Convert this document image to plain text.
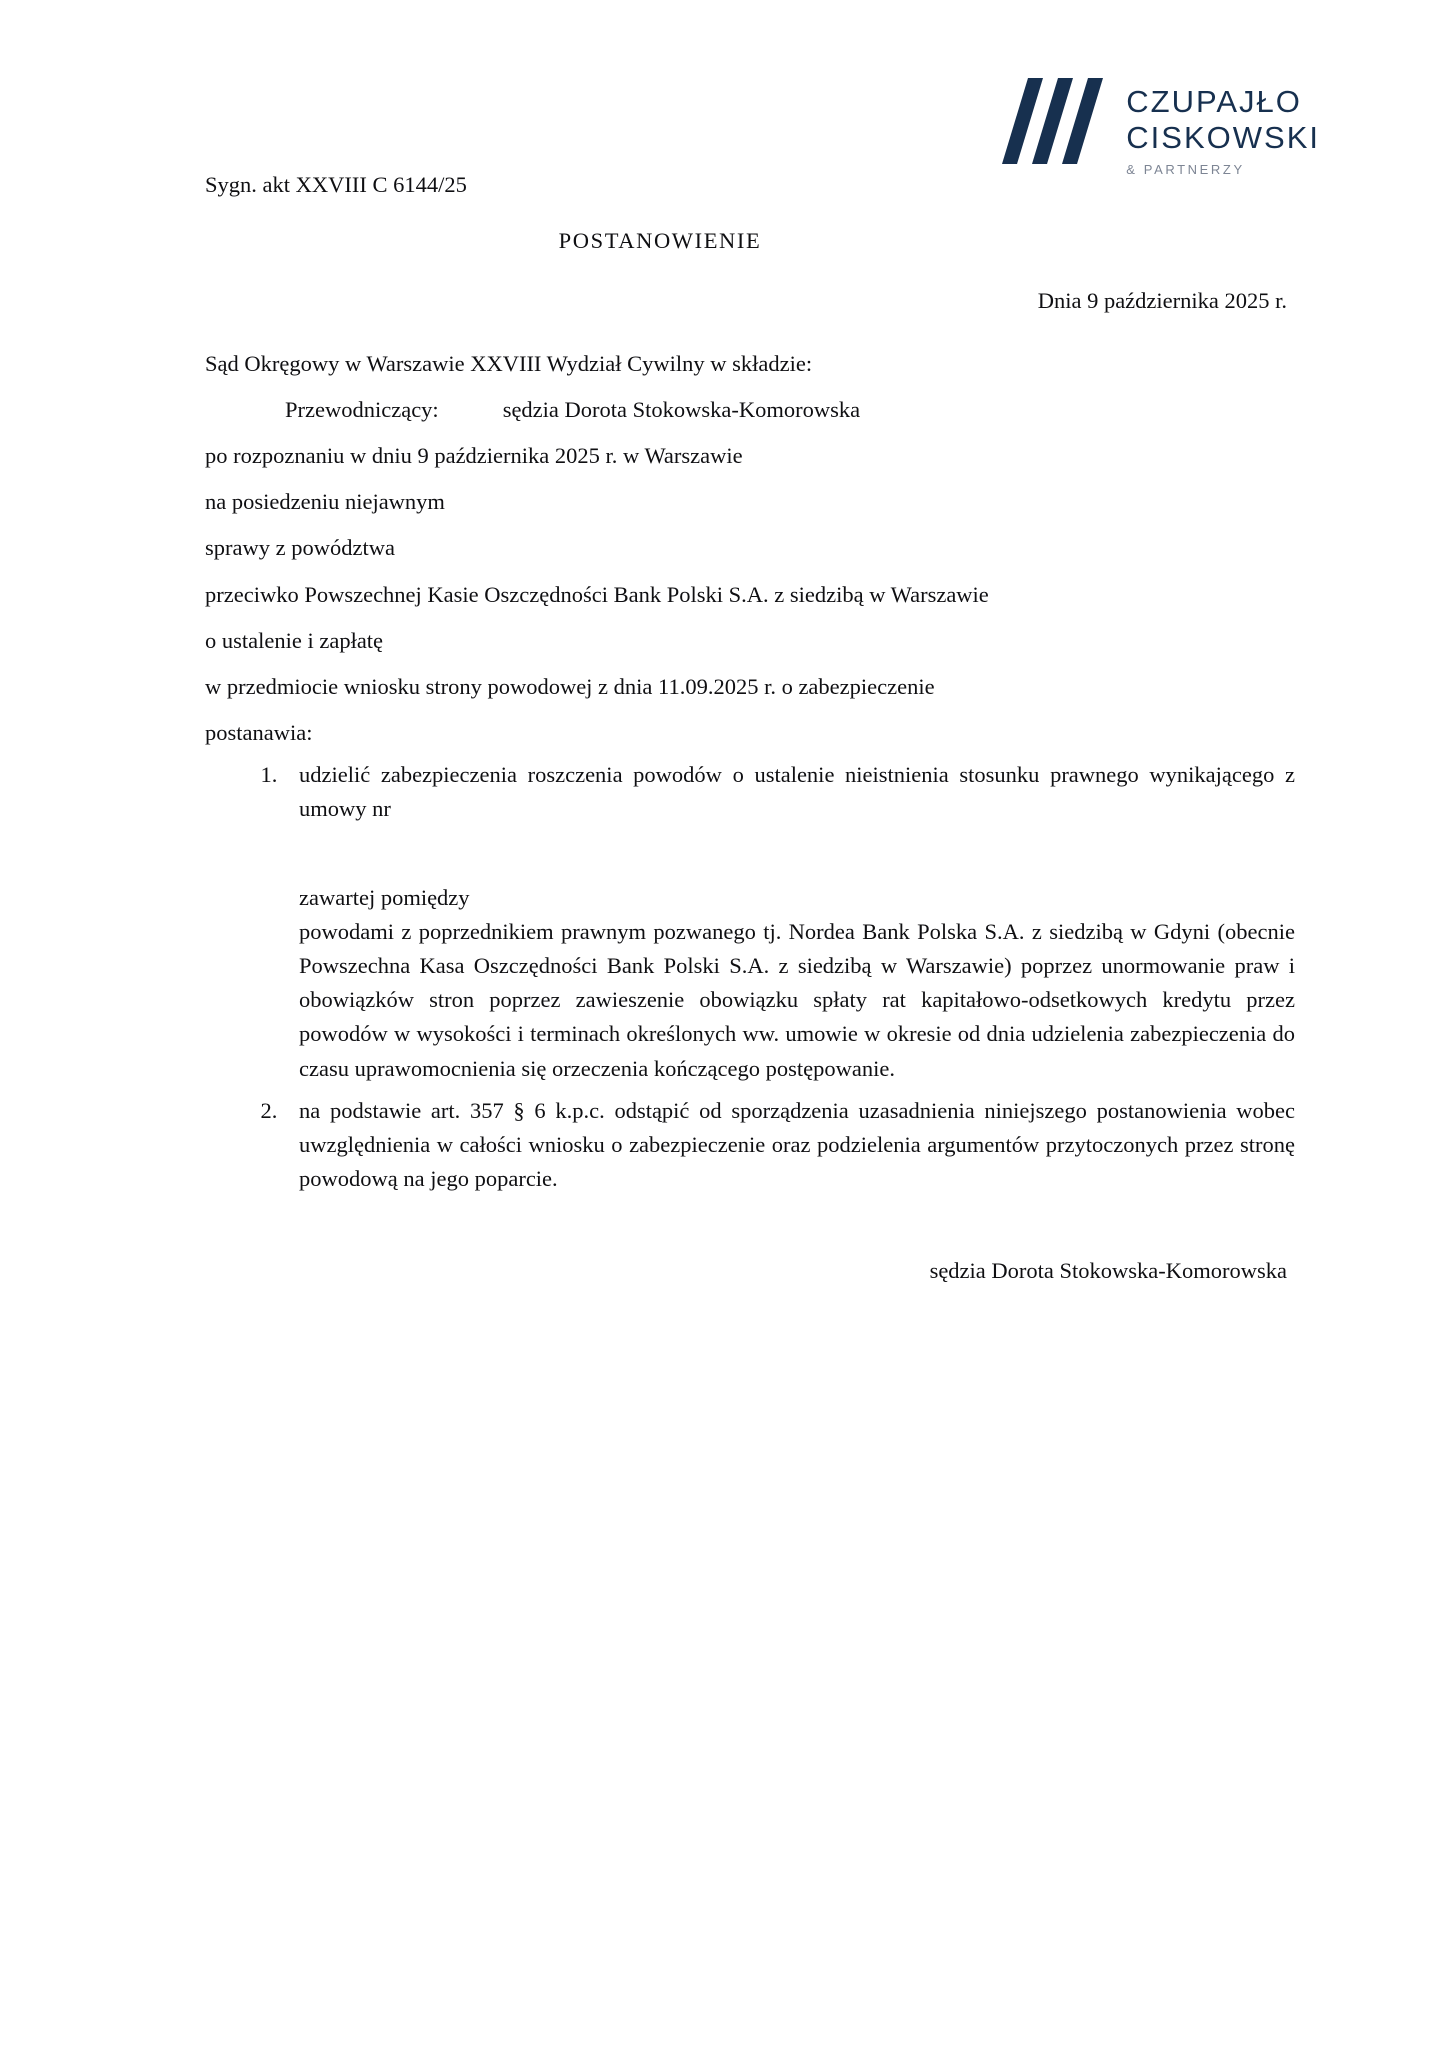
CZUPAJŁO
CISKOWSKI
& PARTNERZY

Sygn. akt XXVIII C 6144/25

POSTANOWIENIE

Dnia 9 października 2025 r.

Sąd Okręgowy w Warszawie XXVIII Wydział Cywilny w składzie:

Przewodniczący:	sędzia Dorota Stokowska-Komorowska

po rozpoznaniu w dniu 9 października 2025 r. w Warszawie

na posiedzeniu niejawnym

sprawy z powództwa

przeciwko Powszechnej Kasie Oszczędności Bank Polski S.A. z siedzibą w Warszawie

o ustalenie i zapłatę

w przedmiocie wniosku strony powodowej z dnia 11.09.2025 r. o zabezpieczenie

postanawia:

1. udzielić zabezpieczenia roszczenia powodów o ustalenie nieistnienia stosunku prawnego wynikającego z umowy nr

zawartej pomiędzy

powodami z poprzednikiem prawnym pozwanego tj. Nordea Bank Polska S.A. z siedzibą w Gdyni (obecnie Powszechna Kasa Oszczędności Bank Polski S.A. z siedzibą w Warszawie) poprzez unormowanie praw i obowiązków stron poprzez zawieszenie obowiązku spłaty rat kapitałowo-odsetkowych kredytu przez powodów w wysokości i terminach określonych ww. umowie w okresie od dnia udzielenia zabezpieczenia do czasu uprawomocnienia się orzeczenia kończącego postępowanie.

2. na podstawie art. 357 § 6 k.p.c. odstąpić od sporządzenia uzasadnienia niniejszego postanowienia wobec uwzględnienia w całości wniosku o zabezpieczenie oraz podzielenia argumentów przytoczonych przez stronę powodową na jego poparcie.

sędzia Dorota Stokowska-Komorowska
